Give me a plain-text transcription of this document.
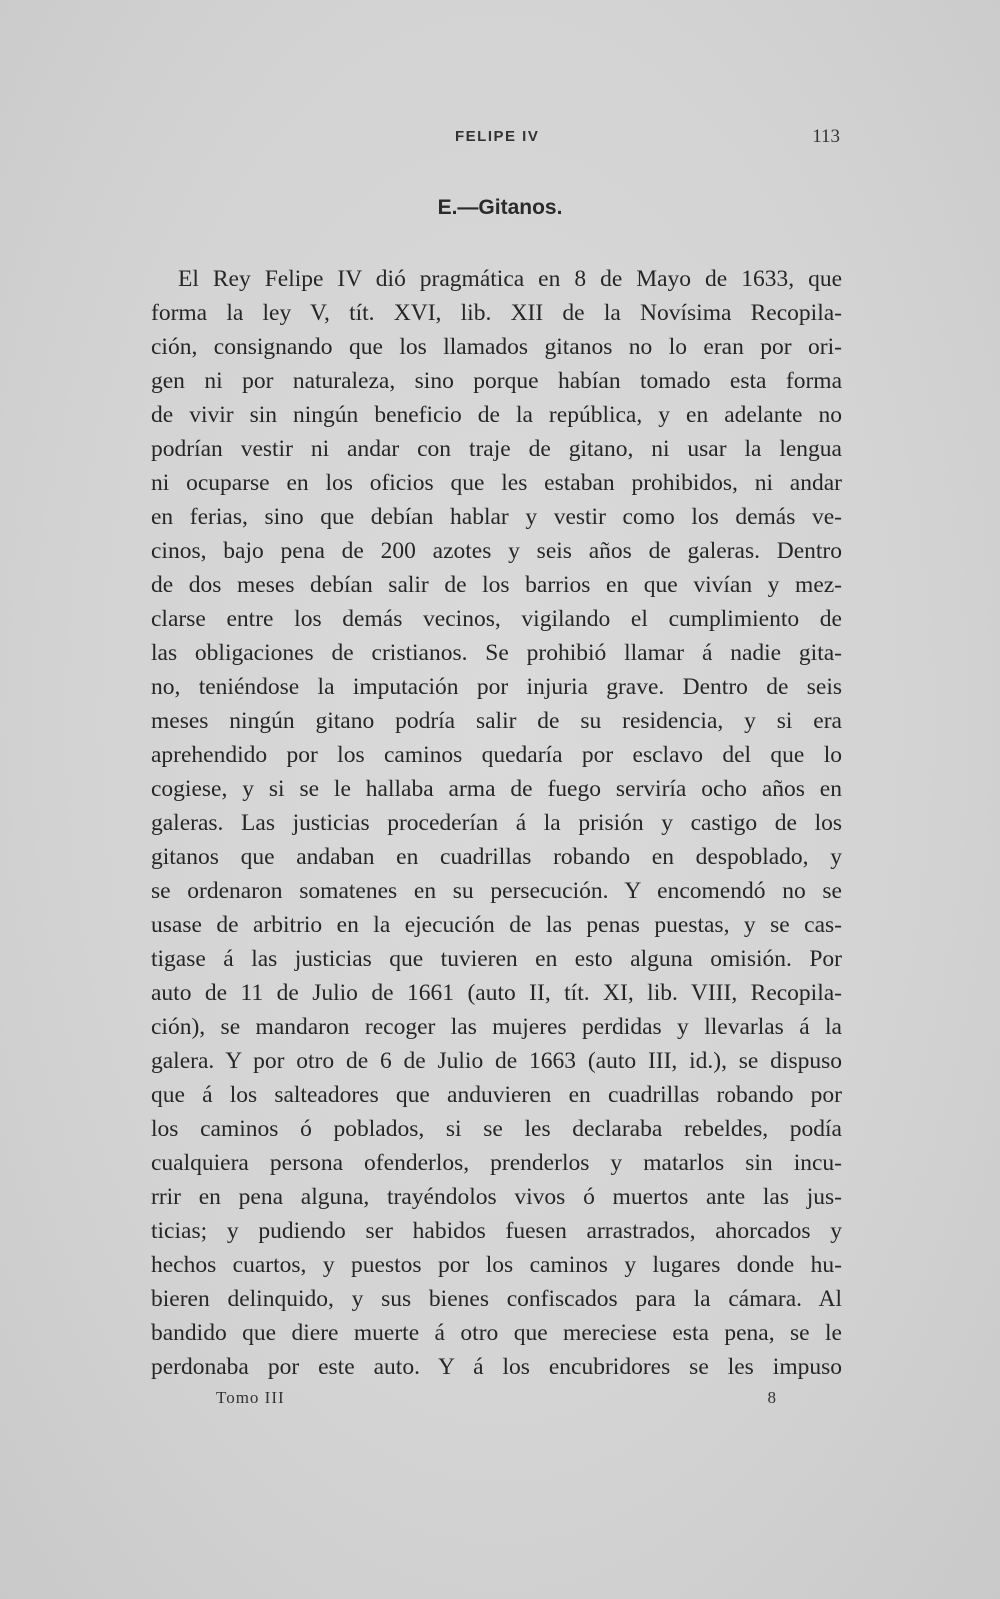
FELIPE IV	113
E.—Gitanos.
El Rey Felipe IV dió pragmática en 8 de Mayo de 1633, que
forma la ley V, tít. XVI, lib. XII de la Novísima Recopila-
ción, consignando que los llamados gitanos no lo eran por ori-
gen ni por naturaleza, sino porque habían tomado esta forma
de vivir sin ningún beneficio de la república, y en adelante no
podrían vestir ni andar con traje de gitano, ni usar la lengua
ni ocuparse en los oficios que les estaban prohibidos, ni andar
en ferias, sino que debían hablar y vestir como los demás ve-
cinos, bajo pena de 200 azotes y seis años de galeras. Dentro
de dos meses debían salir de los barrios en que vivían y mez-
clarse entre los demás vecinos, vigilando el cumplimiento de
las obligaciones de cristianos. Se prohibió llamar á nadie gita-
no, teniéndose la imputación por injuria grave. Dentro de seis
meses ningún gitano podría salir de su residencia, y si era
aprehendido por los caminos quedaría por esclavo del que lo
cogiese, y si se le hallaba arma de fuego serviría ocho años en
galeras. Las justicias procederían á la prisión y castigo de los
gitanos que andaban en cuadrillas robando en despoblado, y
se ordenaron somatenes en su persecución. Y encomendó no se
usase de arbitrio en la ejecución de las penas puestas, y se cas-
tigase á las justicias que tuvieren en esto alguna omisión. Por
auto de 11 de Julio de 1661 (auto II, tít. XI, lib. VIII, Recopila-
ción), se mandaron recoger las mujeres perdidas y llevarlas á la
galera. Y por otro de 6 de Julio de 1663 (auto III, id.), se dispuso
que á los salteadores que anduvieren en cuadrillas robando por
los caminos ó poblados, si se les declaraba rebeldes, podía
cualquiera persona ofenderlos, prenderlos y matarlos sin incu-
rrir en pena alguna, trayéndolos vivos ó muertos ante las jus-
ticias; y pudiendo ser habidos fuesen arrastrados, ahorcados y
hechos cuartos, y puestos por los caminos y lugares donde hu-
bieren delinquido, y sus bienes confiscados para la cámara. Al
bandido que diere muerte á otro que mereciese esta pena, se le
perdonaba por este auto. Y á los encubridores se les impuso
Tomo III	8
